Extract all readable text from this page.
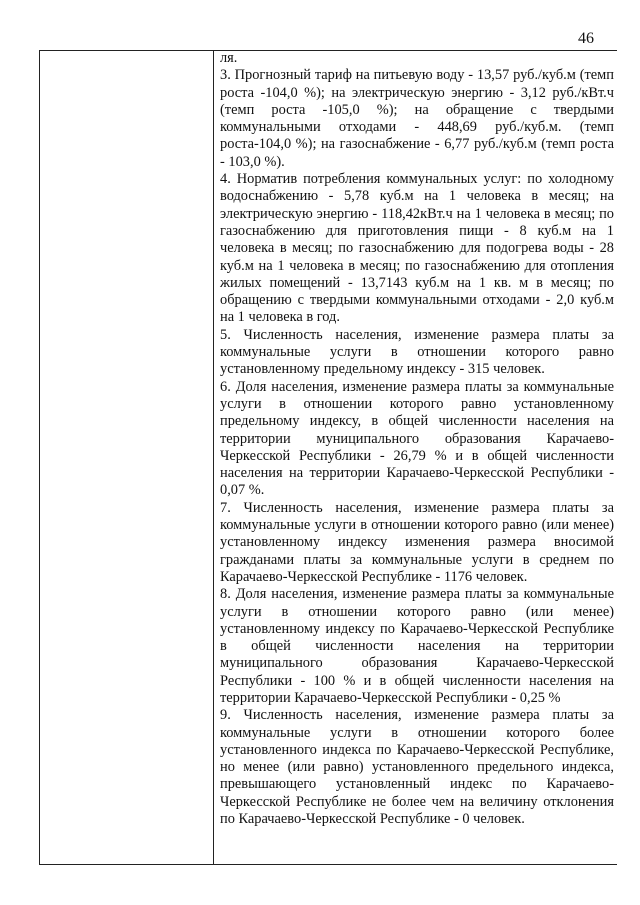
46

ля.

3. Прогнозный тариф на питьевую воду - 13,57 руб./куб.м (темп роста -104,0 %); на электрическую энергию - 3,12 руб./кВт.ч (темп роста -105,0 %); на обращение с твердыми коммунальными отходами - 448,69 руб./куб.м. (темп роста-104,0 %); на газоснабжение - 6,77 руб./куб.м (темп роста - 103,0 %).

4. Норматив потребления коммунальных услуг: по холодному водоснабжению - 5,78 куб.м на 1 человека в месяц; на электрическую энергию - 118,42кВт.ч на 1 человека в месяц; по газоснабжению для приготовления пищи - 8 куб.м на 1 человека в месяц; по газоснабжению для подогрева воды - 28 куб.м на 1 человека в месяц; по газоснабжению для отопления жилых помещений - 13,7143 куб.м на 1 кв. м в месяц; по обращению с твердыми коммунальными отходами - 2,0 куб.м на 1 человека в год.

5. Численность населения, изменение размера платы за коммунальные услуги в отношении которого равно установленному предельному индексу - 315 человек.

6. Доля населения, изменение размера платы за коммунальные услуги в отношении которого равно установленному предельному индексу, в общей численности населения на территории муниципального образования Карачаево-Черкесской Республики - 26,79 % и в общей численности населения на территории Карачаево-Черкесской Республики - 0,07 %.

7. Численность населения, изменение размера платы за коммунальные услуги в отношении которого равно (или менее) установленному индексу изменения размера вносимой гражданами платы за коммунальные услуги в среднем по Карачаево-Черкесской Республике - 1176 человек.

8. Доля населения, изменение размера платы за коммунальные услуги в отношении которого равно (или менее) установленному индексу по Карачаево-Черкесской Республике в общей численности населения на территории муниципального образования Карачаево-Черкесской Республики - 100 % и в общей численности населения на территории Карачаево-Черкесской Республики - 0,25 %

9. Численность населения, изменение размера платы за коммунальные услуги в отношении которого более установленного индекса по Карачаево-Черкесской Республике, но менее (или равно) установленного предельного индекса, превышающего установленный индекс по Карачаево-Черкесской Республике не более чем на величину отклонения по Карачаево-Черкесской Республике - 0 человек.
